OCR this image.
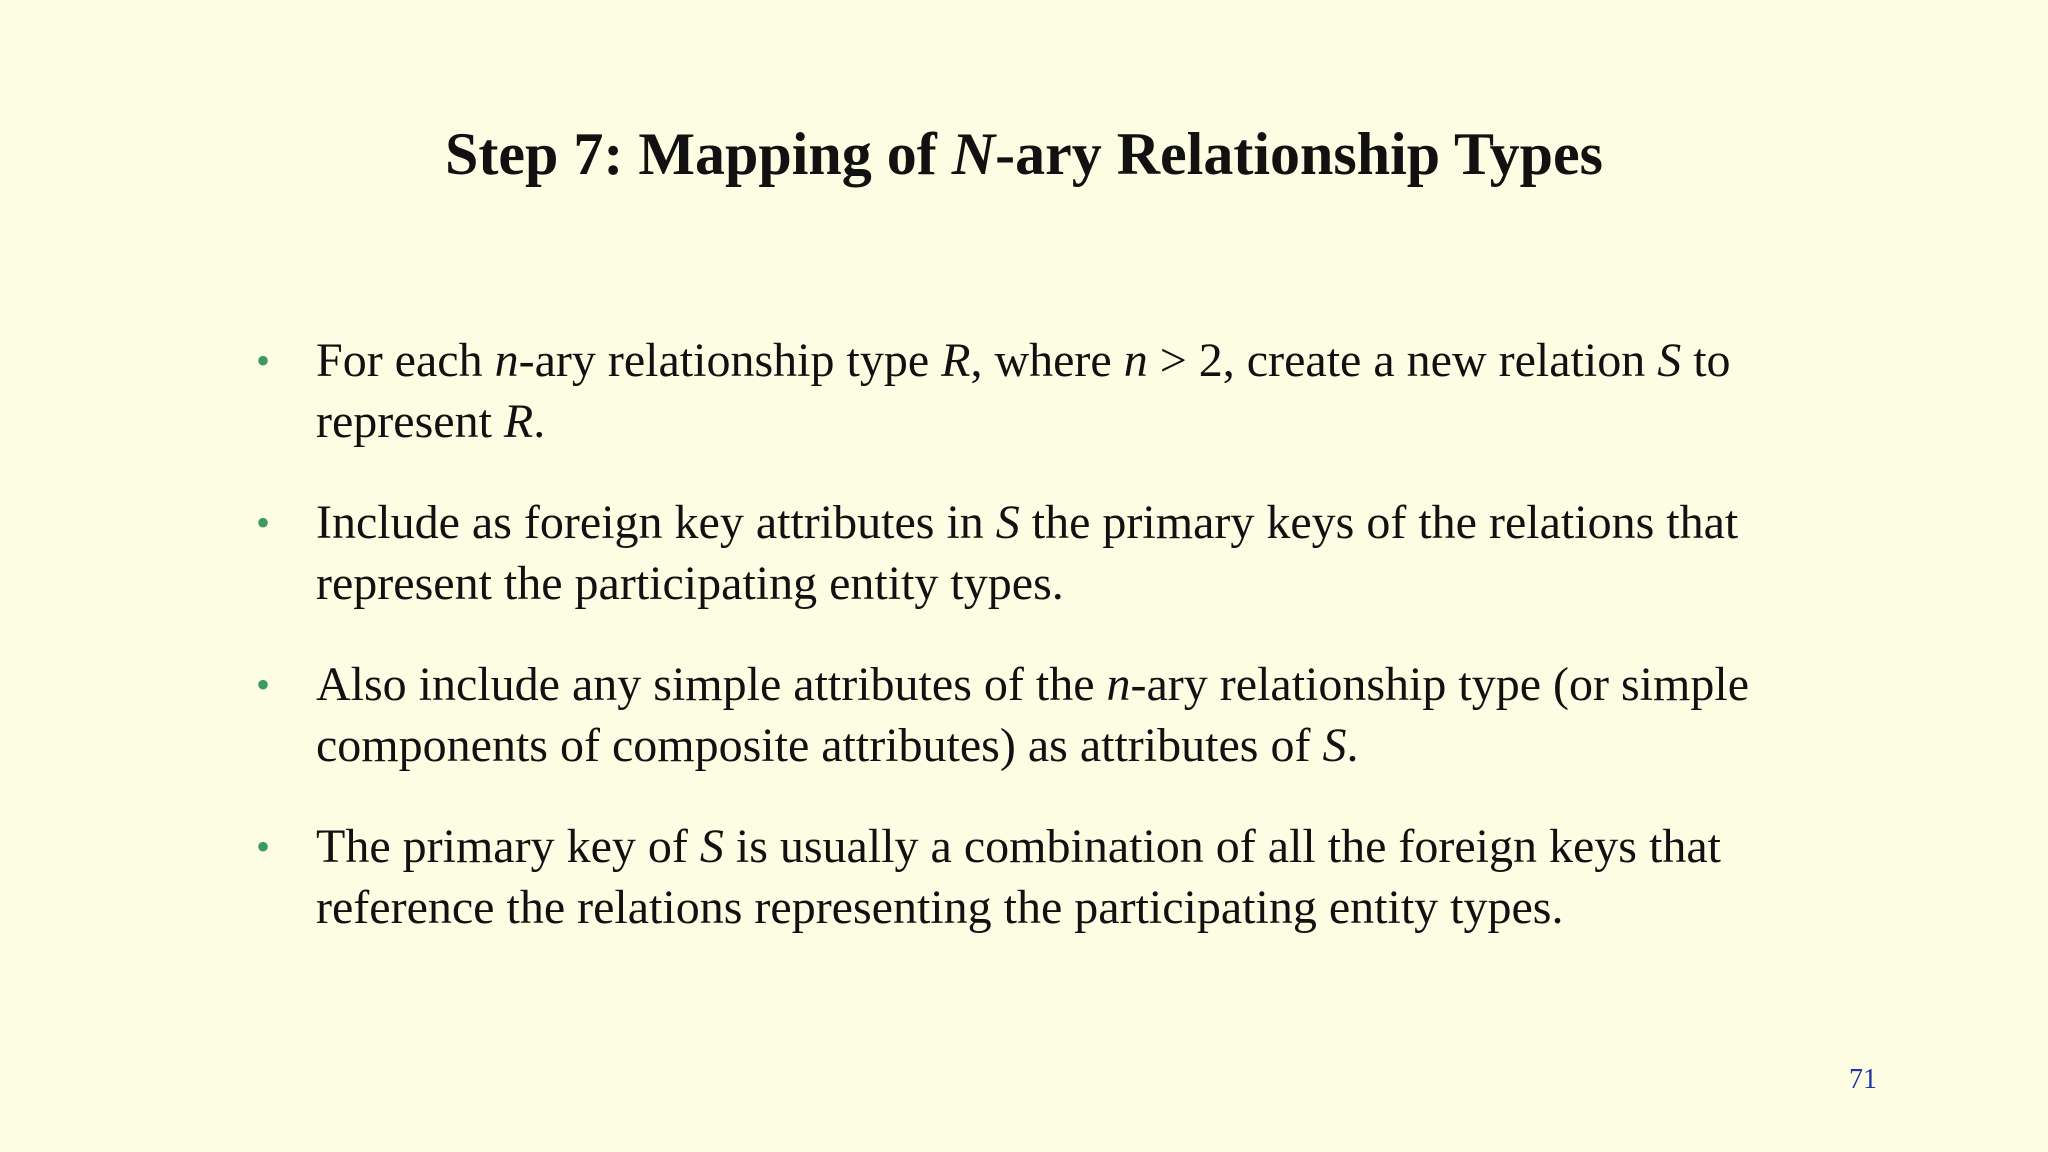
Step 7: Mapping of N-ary Relationship Types
• For each n-ary relationship type R, where n > 2, create a new relation S to represent R.
• Include as foreign key attributes in S the primary keys of the relations that represent the participating entity types.
• Also include any simple attributes of the n-ary relationship type (or simple components of composite attributes) as attributes of S.
• The primary key of S is usually a combination of all the foreign keys that reference the relations representing the participating entity types.
71
